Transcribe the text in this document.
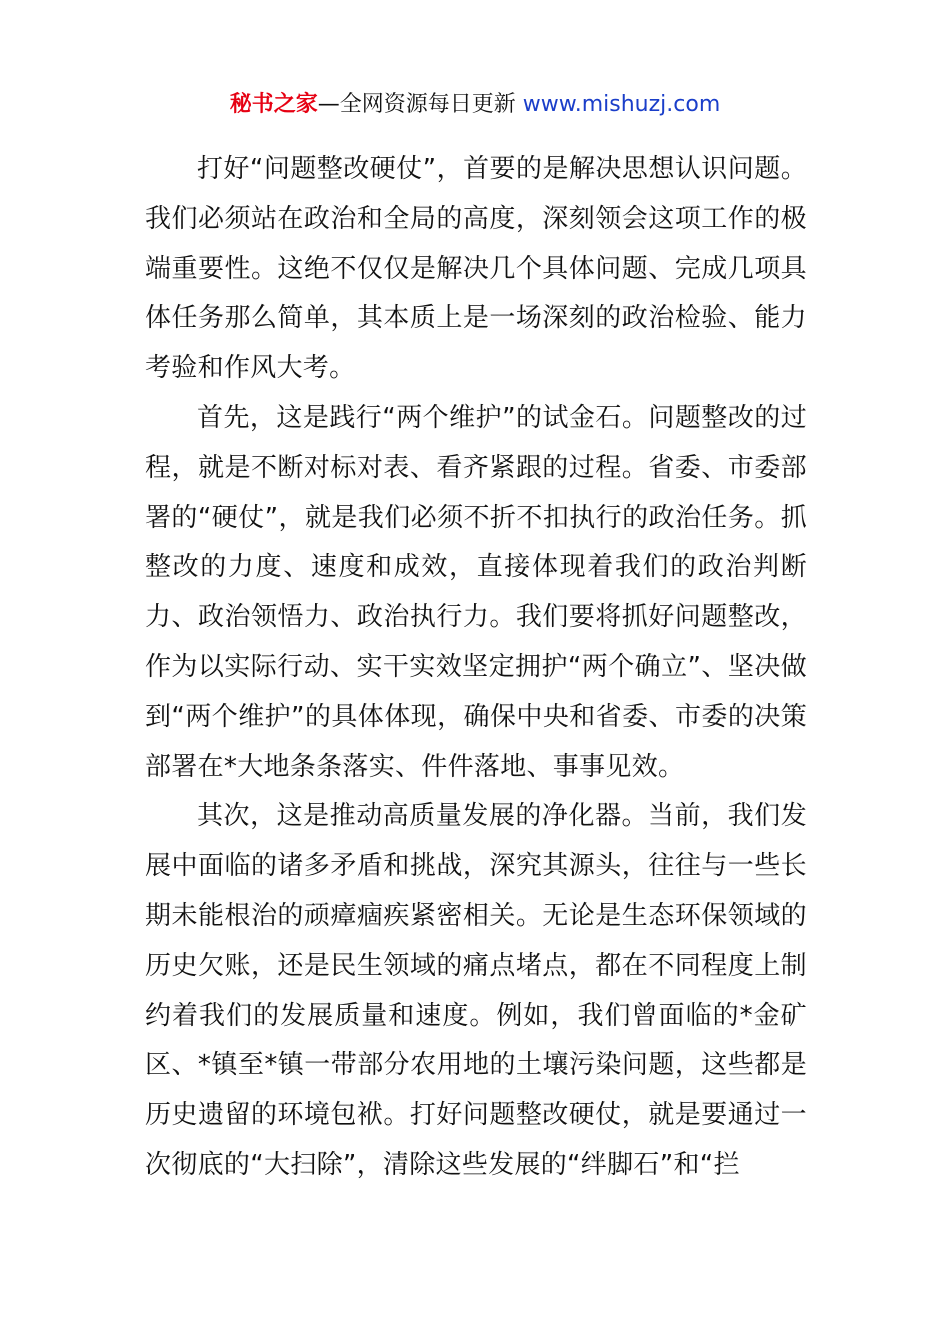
秘书之家—全网资源每日更新 www.mishuzj.com

打好“问题整改硬仗”，首要的是解决思想认识问题。我们必须站在政治和全局的高度，深刻领会这项工作的极端重要性。这绝不仅仅是解决几个具体问题、完成几项具体任务那么简单，其本质上是一场深刻的政治检验、能力考验和作风大考。

首先，这是践行“两个维护”的试金石。问题整改的过程，就是不断对标对表、看齐紧跟的过程。省委、市委部署的“硬仗”，就是我们必须不折不扣执行的政治任务。抓整改的力度、速度和成效，直接体现着我们的政治判断力、政治领悟力、政治执行力。我们要将抓好问题整改，作为以实际行动、实干实效坚定拥护“两个确立”、坚决做到“两个维护”的具体体现，确保中央和省委、市委的决策部署在*大地条条落实、件件落地、事事见效。

其次，这是推动高质量发展的净化器。当前，我们发展中面临的诸多矛盾和挑战，深究其源头，往往与一些长期未能根治的顽瘴痼疾紧密相关。无论是生态环保领域的历史欠账，还是民生领域的痛点堵点，都在不同程度上制约着我们的发展质量和速度。例如，我们曾面临的*金矿区、*镇至*镇一带部分农用地的土壤污染问题，这些都是历史遗留的环境包袱。打好问题整改硬仗，就是要通过一次彻底的“大扫除”，清除这些发展的“绊脚石”和“拦
